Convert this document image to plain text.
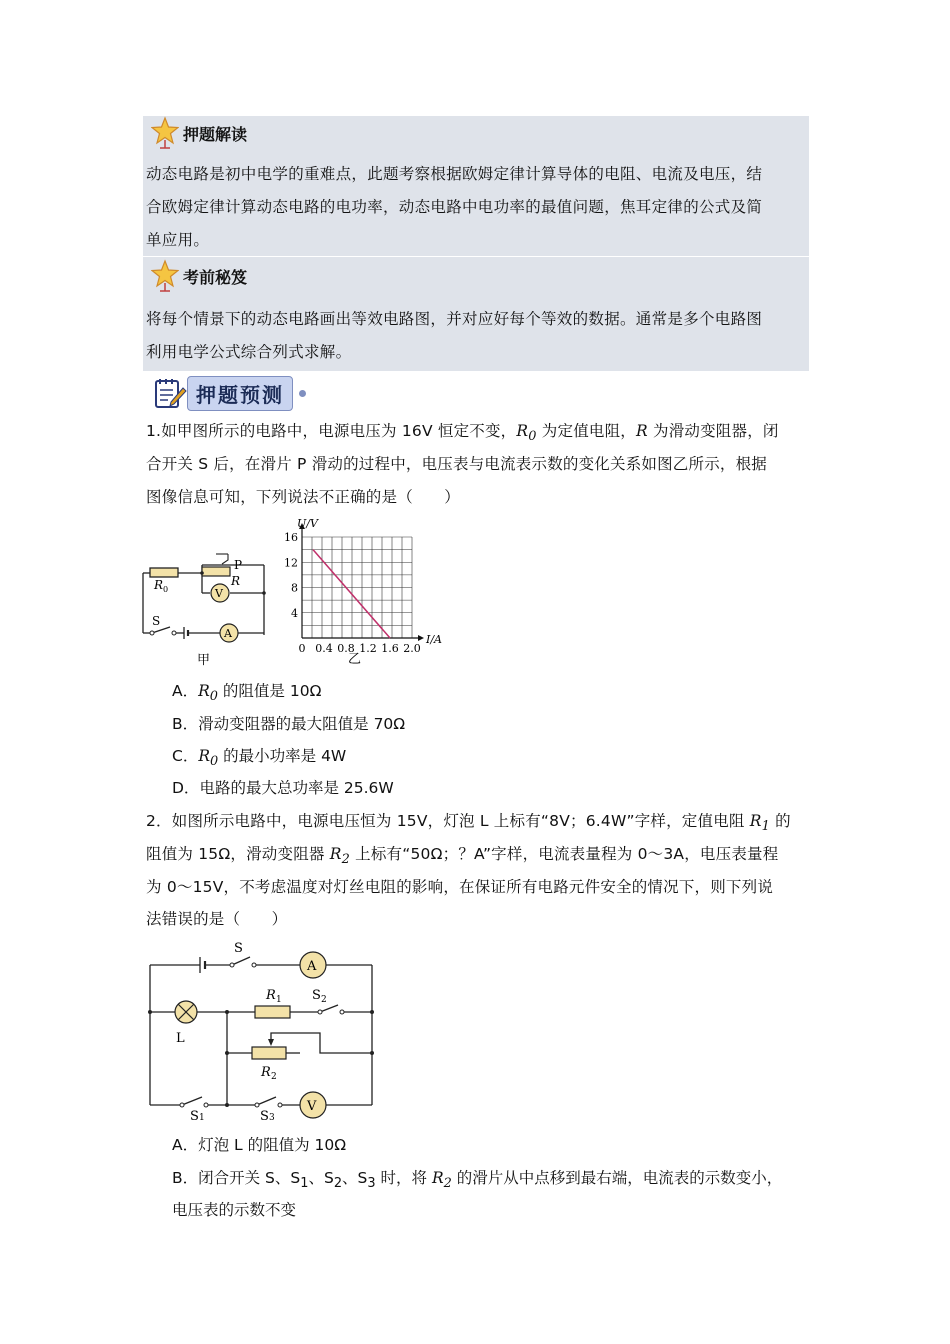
押题解读
动态电路是初中电学的重难点，此题考察根据欧姆定律计算导体的电阻、电流及电压，结
合欧姆定律计算动态电路的电功率，动态电路中电功率的最值问题，焦耳定律的公式及简
单应用。
考前秘笈
将每个情景下的动态电路画出等效电路图，并对应好每个等效的数据。通常是多个电路图
利用电学公式综合列式求解。
押题预测
1.如甲图所示的电路中，电源电压为 16V 恒定不变，$R_0$ 为定值电阻，R 为滑动变阻器，闭
合开关 S 后，在滑片 P 滑动的过程中，电压表与电流表示数的变化关系如图乙所示，根据
图像信息可知，下列说法不正确的是（　　）
R 0
P
R
V
A
S
甲
0 0.4 0.8 1.2 1.6 2.0
4
8
12
16
U/V
I/A
乙
A．$R_0$ 的阻值是 10Ω
B．滑动变阻器的最大阻值是 70Ω
C．$R_0$ 的最小功率是 4W
D．电路的最大总功率是 25.6W
2．如图所示电路中，电源电压恒为 15V，灯泡 L 上标有“8V；6.4W”字样，定值电阻 $R_1$ 的
阻值为 15Ω，滑动变阻器 $R_2$ 上标有“50Ω；？A”字样，电流表量程为 0～3A，电压表量程
为 0～15V，不考虑温度对灯丝电阻的影响，在保证所有电路元件安全的情况下，则下列说
法错误的是（　　）
S
A
L
R 1 S 2
R 2
S 1	S 3
V
A．灯泡 L 的阻值为 10Ω
B．闭合开关 S、$S_1$、$S_2$、$S_3$ 时，将 $R_2$ 的滑片从中点移到最右端，电流表的示数变小，
电压表的示数不变
